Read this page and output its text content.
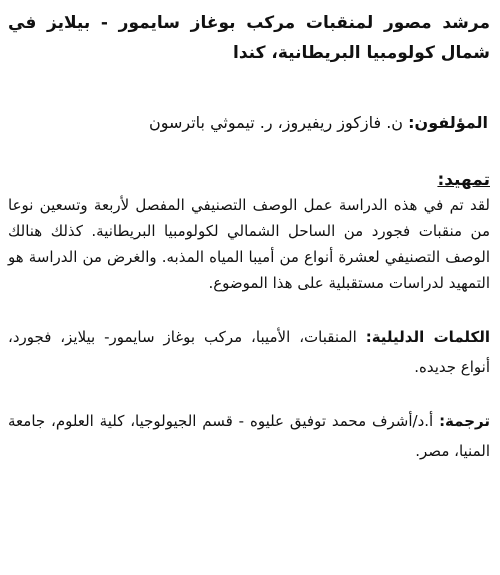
مرشد مصور لمنقبات مركب بوغاز سايمور - بيلايز في شمال كولومبيا البريطانية، كندا

المؤلفون: ن. فازكوز ريفيروز، ر. تيموثي باترسون
تمهيد:

لقد تم في هذه الدراسة عمل الوصف التصنيفي المفصل لأربعة وتسعين نوعا من منقبات فجورد من الساحل الشمالي لكولومبيا البريطانية. كذلك هنالك الوصف التصنيفي لعشرة أنواع من أميبا المياه المذبه. والغرض من الدراسة هو التمهيد لدراسات مستقبلية على هذا الموضوع.

الكلمات الدليلية: المنقبات، الأميبا، مركب بوغاز سايمور- بيلايز، فجورد، أنواع جديده.
ترجمة: أ.د/أشرف محمد توفيق عليوه - قسم الجيولوجيا، كلية العلوم، جامعة المنيا، مصر.
